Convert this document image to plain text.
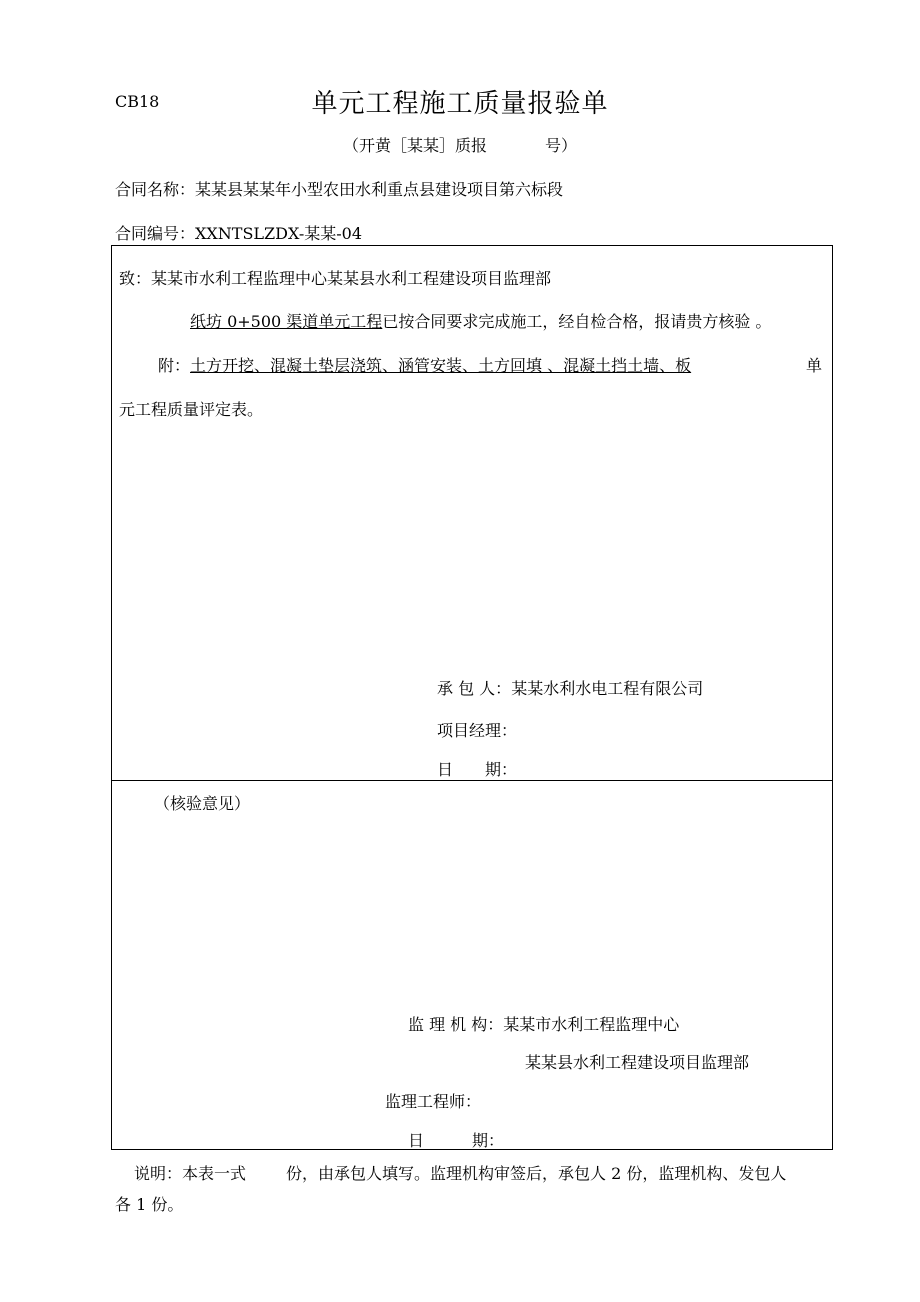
CB18	单元工程施工质量报验单
（开黄［某某］质报	号）
合同名称：某某县某某年小型农田水利重点县建设项目第六标段
合同编号：XXNTSLZDX-某某-04
致：某某市水利工程监理中心某某县水利工程建设项目监理部
纸坊 0+500 渠道单元工程已按合同要求完成施工，经自检合格，报请贵方核验 。
附：土方开挖、混凝土垫层浇筑、涵管安装、土方回填 、混凝土挡土墙、板	单
元工程质量评定表。
承 包 人：某某水利水电工程有限公司
项目经理：
日　　期：
（核验意见）
监 理 机 构：某某市水利工程监理中心
某某县水利工程建设项目监理部
监理工程师：
日　　　期：
说明：本表一式	份，由承包人填写。监理机构审签后，承包人 2 份，监理机构、发包人
各 1 份。
